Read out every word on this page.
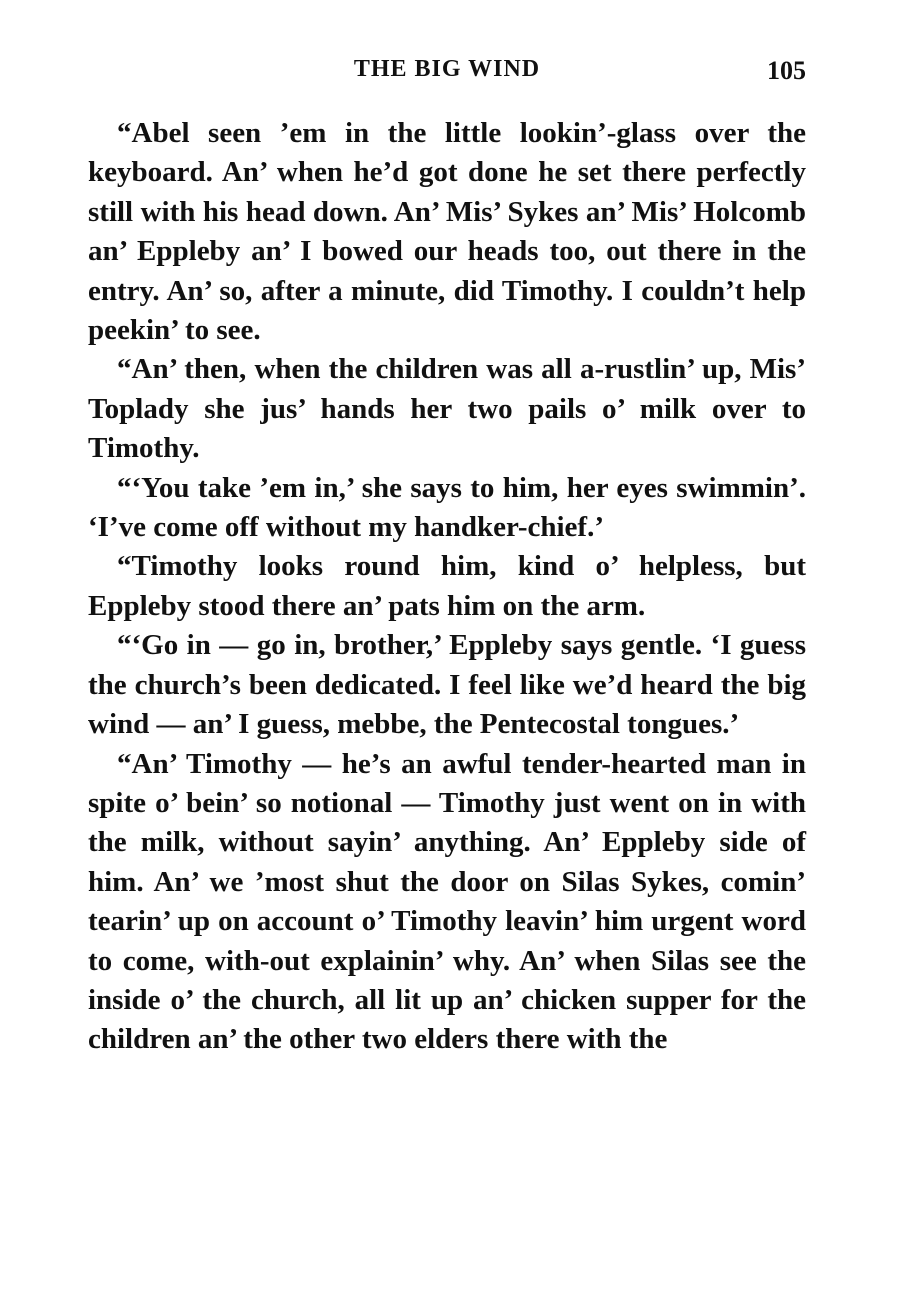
THE BIG WIND	105

“Abel seen ’em in the little lookin’-glass over the keyboard. An’ when he’d got done he set there perfectly still with his head down. An’ Mis’ Sykes an’ Mis’ Holcomb an’ Eppleby an’ I bowed our heads too, out there in the entry. An’ so, after a minute, did Timothy. I couldn’t help peekin’ to see.

“An’ then, when the children was all a-rustlin’ up, Mis’ Toplady she jus’ hands her two pails o’ milk over to Timothy.

“‘You take ’em in,’ she says to him, her eyes swimmin’. ‘I’ve come off without my handker-chief.’

“Timothy looks round him, kind o’ helpless, but Eppleby stood there an’ pats him on the arm.

“‘Go in — go in, brother,’ Eppleby says gentle. ‘I guess the church’s been dedicated. I feel like we’d heard the big wind — an’ I guess, mebbe, the Pentecostal tongues.’

“An’ Timothy — he’s an awful tender-hearted man in spite o’ bein’ so notional — Timothy just went on in with the milk, without sayin’ anything. An’ Eppleby side of him. An’ we ’most shut the door on Silas Sykes, comin’ tearin’ up on account o’ Timothy leavin’ him urgent word to come, with-out explainin’ why. An’ when Silas see the inside o’ the church, all lit up an’ chicken supper for the children an’ the other two elders there with the
